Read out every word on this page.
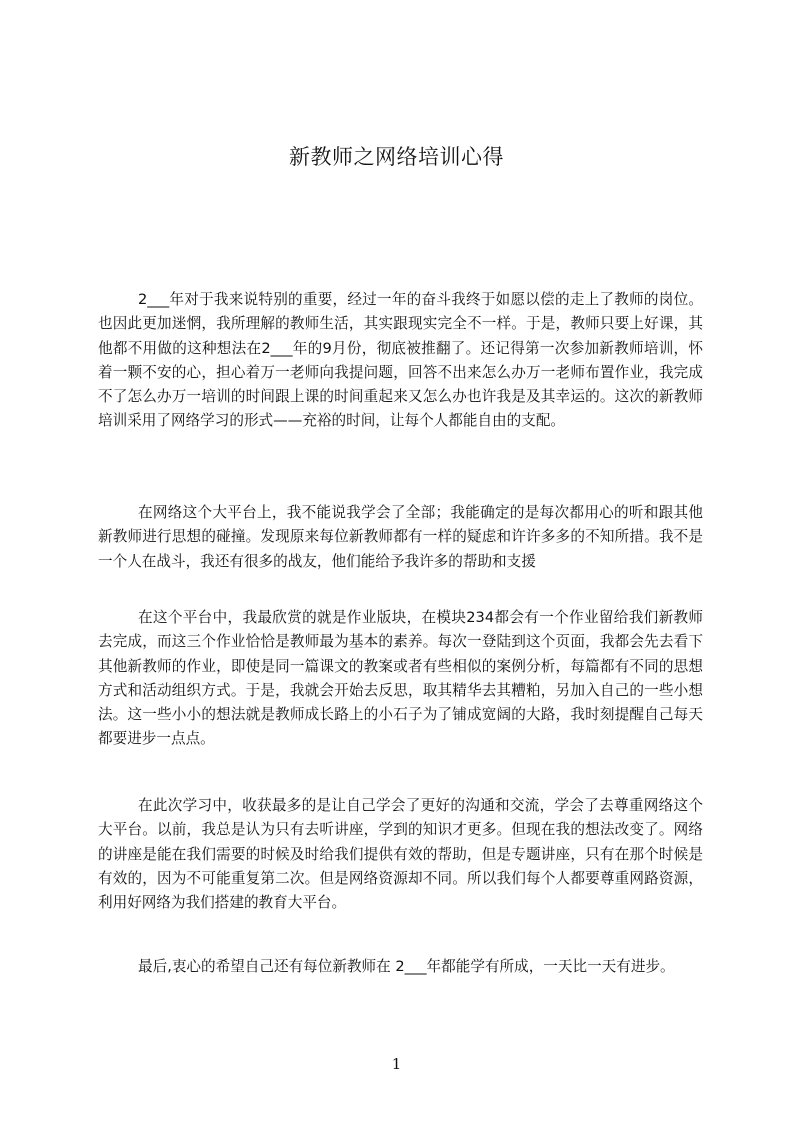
新教师之网络培训心得

2___年对于我来说特别的重要，经过一年的奋斗我终于如愿以偿的走上了教师的岗位。也因此更加迷惘，我所理解的教师生活，其实跟现实完全不一样。于是，教师只要上好课，其他都不用做的这种想法在2___年的9月份，彻底被推翻了。还记得第一次参加新教师培训，怀着一颗不安的心，担心着万一老师向我提问题，回答不出来怎么办万一老师布置作业，我完成不了怎么办万一培训的时间跟上课的时间重起来又怎么办也许我是及其幸运的。这次的新教师培训采用了网络学习的形式——充裕的时间，让每个人都能自由的支配。

在网络这个大平台上，我不能说我学会了全部；我能确定的是每次都用心的听和跟其他新教师进行思想的碰撞。发现原来每位新教师都有一样的疑虑和许许多多的不知所措。我不是一个人在战斗，我还有很多的战友，他们能给予我许多的帮助和支援

在这个平台中，我最欣赏的就是作业版块，在模块234都会有一个作业留给我们新教师去完成，而这三个作业恰恰是教师最为基本的素养。每次一登陆到这个页面，我都会先去看下其他新教师的作业，即使是同一篇课文的教案或者有些相似的案例分析，每篇都有不同的思想方式和活动组织方式。于是，我就会开始去反思，取其精华去其糟粕，另加入自己的一些小想法。这一些小小的想法就是教师成长路上的小石子为了铺成宽阔的大路，我时刻提醒自己每天都要进步一点点。

在此次学习中，收获最多的是让自己学会了更好的沟通和交流，学会了去尊重网络这个大平台。以前，我总是认为只有去听讲座，学到的知识才更多。但现在我的想法改变了。网络的讲座是能在我们需要的时候及时给我们提供有效的帮助，但是专题讲座，只有在那个时候是有效的，因为不可能重复第二次。但是网络资源却不同。所以我们每个人都要尊重网路资源，利用好网络为我们搭建的教育大平台。

最后,衷心的希望自己还有每位新教师在 2___年都能学有所成，一天比一天有进步。

1
